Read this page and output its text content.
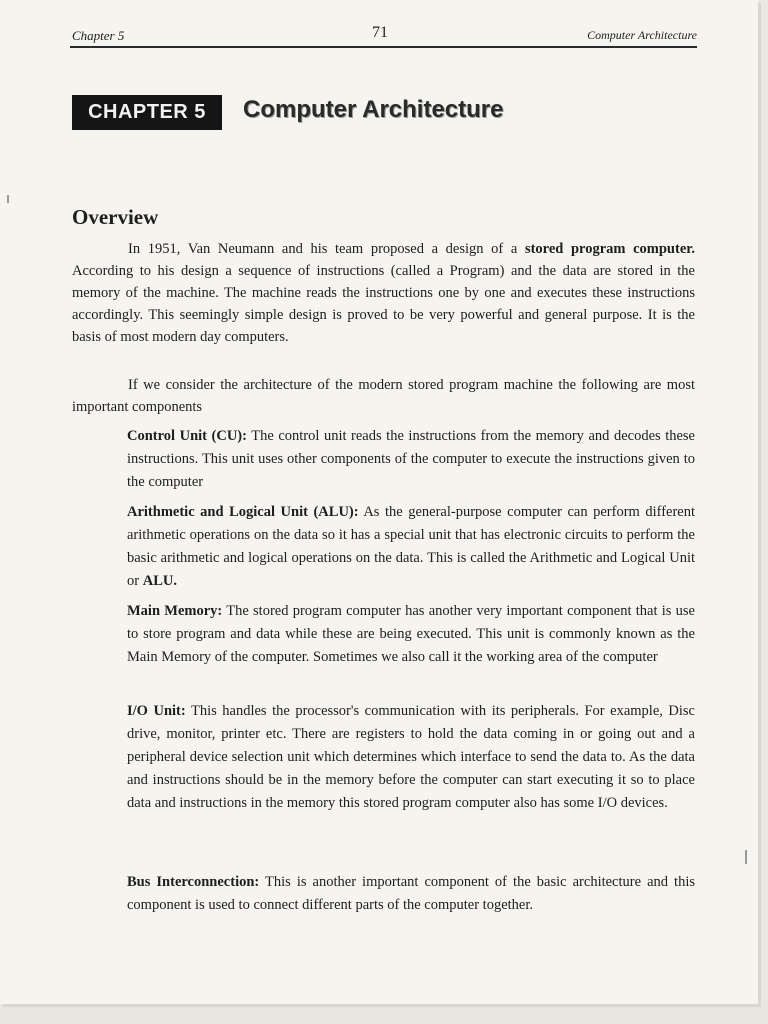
Chapter 5	71	Computer Architecture
CHAPTER 5	Computer Architecture
Overview

In 1951, Van Neumann and his team proposed a design of a stored program computer. According to his design a sequence of instructions (called a Program) and the data are stored in the memory of the machine. The machine reads the instructions one by one and executes these instructions accordingly. This seemingly simple design is proved to be very powerful and general purpose. It is the basis of most modern day computers.

If we consider the architecture of the modern stored program machine the following are most important components

Control Unit (CU): The control unit reads the instructions from the memory and decodes these instructions. This unit uses other components of the computer to execute the instructions given to the computer

Arithmetic and Logical Unit (ALU): As the general-purpose computer can perform different arithmetic operations on the data so it has a special unit that has electronic circuits to perform the basic arithmetic and logical operations on the data. This is called the Arithmetic and Logical Unit or ALU.

Main Memory: The stored program computer has another very important component that is use to store program and data while these are being executed. This unit is commonly known as the Main Memory of the computer. Sometimes we also call it the working area of the computer

I/O Unit: This handles the processor's communication with its peripherals. For example, Disc drive, monitor, printer etc. There are registers to hold the data coming in or going out and a peripheral device selection unit which determines which interface to send the data to. As the data and instructions should be in the memory before the computer can start executing it so to place data and instructions in the memory this stored program computer also has some I/O devices.

Bus Interconnection: This is another important component of the basic architecture and this component is used to connect different parts of the computer together.
